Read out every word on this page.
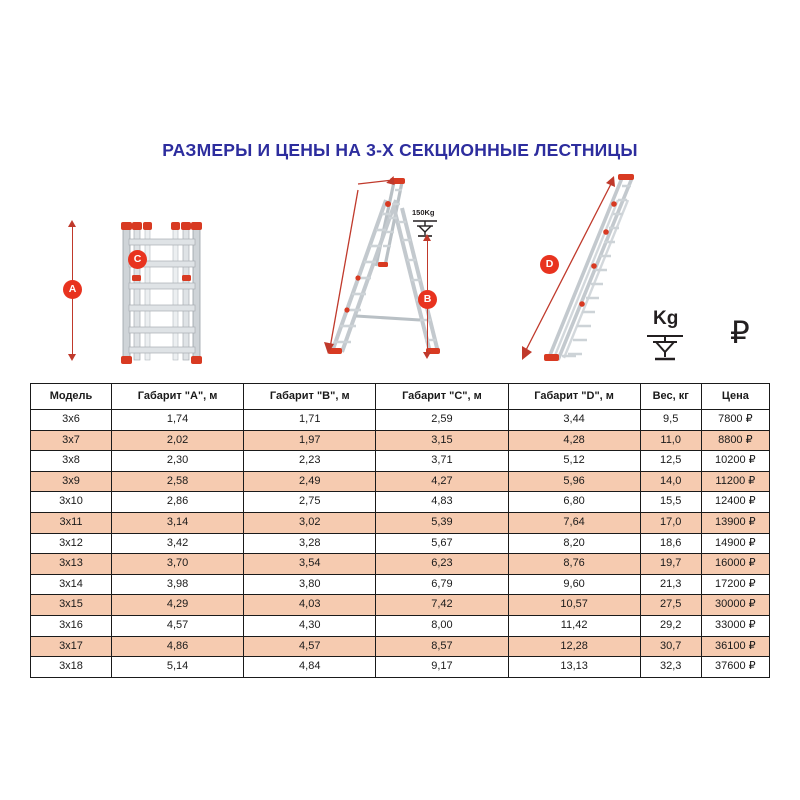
РАЗМЕРЫ И ЦЕНЫ НА 3-Х СЕКЦИОННЫЕ ЛЕСТНИЦЫ
A
150Kg
C
B
D
Kg ₽
Модель	Габарит "А", м	Габарит "В", м	Габарит "С", м	Габарит "D", м	Вес, кг	Цена
3х6	1,74	1,71	2,59	3,44	9,5	7800 ₽
3х7	2,02	1,97	3,15	4,28	11,0	8800 ₽
3х8	2,30	2,23	3,71	5,12	12,5	10200 ₽
3х9	2,58	2,49	4,27	5,96	14,0	11200 ₽
3х10	2,86	2,75	4,83	6,80	15,5	12400 ₽
3х11	3,14	3,02	5,39	7,64	17,0	13900 ₽
3х12	3,42	3,28	5,67	8,20	18,6	14900 ₽
3х13	3,70	3,54	6,23	8,76	19,7	16000 ₽
3х14	3,98	3,80	6,79	9,60	21,3	17200 ₽
3х15	4,29	4,03	7,42	10,57	27,5	30000 ₽
3х16	4,57	4,30	8,00	11,42	29,2	33000 ₽
3х17	4,86	4,57	8,57	12,28	30,7	36100 ₽
3х18	5,14	4,84	9,17	13,13	32,3	37600 ₽
